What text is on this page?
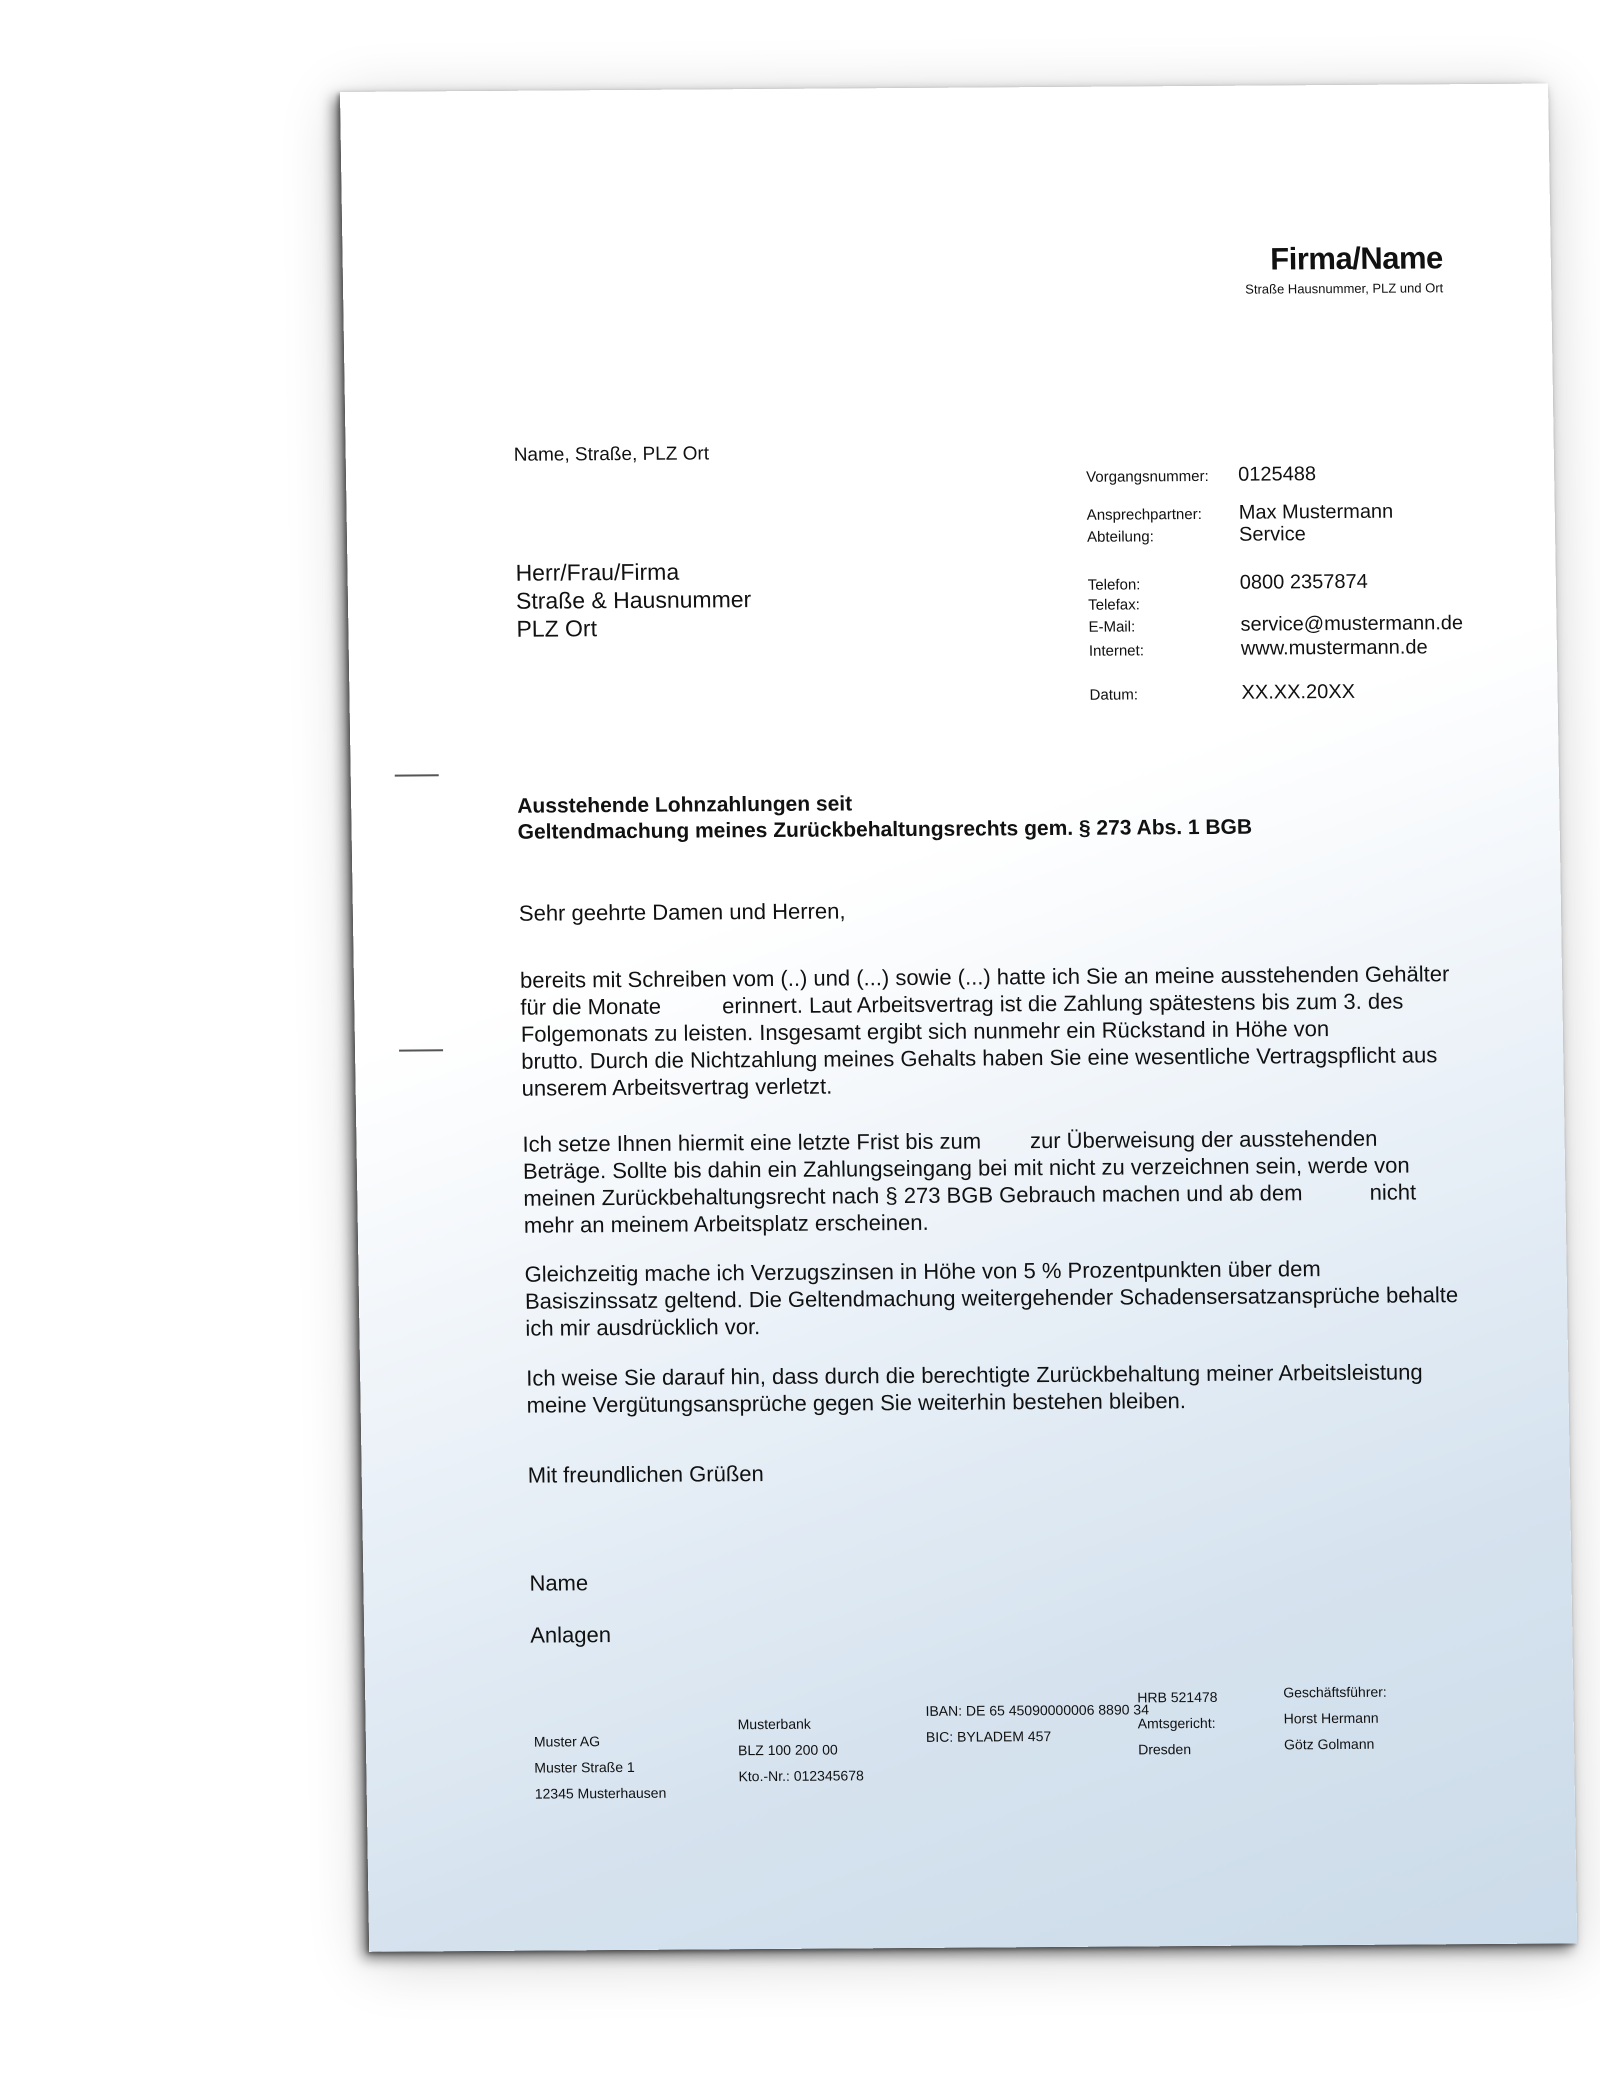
Firma/Name
Straße Hausnummer, PLZ und Ort
Name, Straße, PLZ Ort
Herr/Frau/Firma
Straße & Hausnummer
PLZ Ort
Vorgangsnummer:	0125488
Ansprechpartner:	Max Mustermann
Abteilung:	Service
Telefon:	0800 2357874
Telefax:
E-Mail:	service@mustermann.de
Internet:	www.mustermann.de
Datum:	XX.XX.20XX
Ausstehende Lohnzahlungen seit
Geltendmachung meines Zurückbehaltungsrechts gem. § 273 Abs. 1 BGB
Sehr geehrte Damen und Herren,
bereits mit Schreiben vom (..) und (...) sowie (...) hatte ich Sie an meine ausstehenden Gehälter
für die Monate          erinnert. Laut Arbeitsvertrag ist die Zahlung spätestens bis zum 3. des
Folgemonats zu leisten. Insgesamt ergibt sich nunmehr ein Rückstand in Höhe von
brutto. Durch die Nichtzahlung meines Gehalts haben Sie eine wesentliche Vertragspflicht aus
unserem Arbeitsvertrag verletzt.
Ich setze Ihnen hiermit eine letzte Frist bis zum        zur Überweisung der ausstehenden
Beträge. Sollte bis dahin ein Zahlungseingang bei mit nicht zu verzeichnen sein, werde von
meinen Zurückbehaltungsrecht nach § 273 BGB Gebrauch machen und ab dem           nicht
mehr an meinem Arbeitsplatz erscheinen.
Gleichzeitig mache ich Verzugszinsen in Höhe von 5 % Prozentpunkten über dem
Basiszinssatz geltend. Die Geltendmachung weitergehender Schadensersatzansprüche behalte
ich mir ausdrücklich vor.
Ich weise Sie darauf hin, dass durch die berechtigte Zurückbehaltung meiner Arbeitsleistung
meine Vergütungsansprüche gegen Sie weiterhin bestehen bleiben.
Mit freundlichen Grüßen
Name
Anlagen
Muster AG
Muster Straße 1
12345 Musterhausen
Musterbank
BLZ 100 200 00
Kto.-Nr.: 012345678
IBAN: DE 65 45090000006 8890 34
BIC: BYLADEM 457
HRB 521478
Amtsgericht:
Dresden
Geschäftsführer:
Horst Hermann
Götz Golmann
